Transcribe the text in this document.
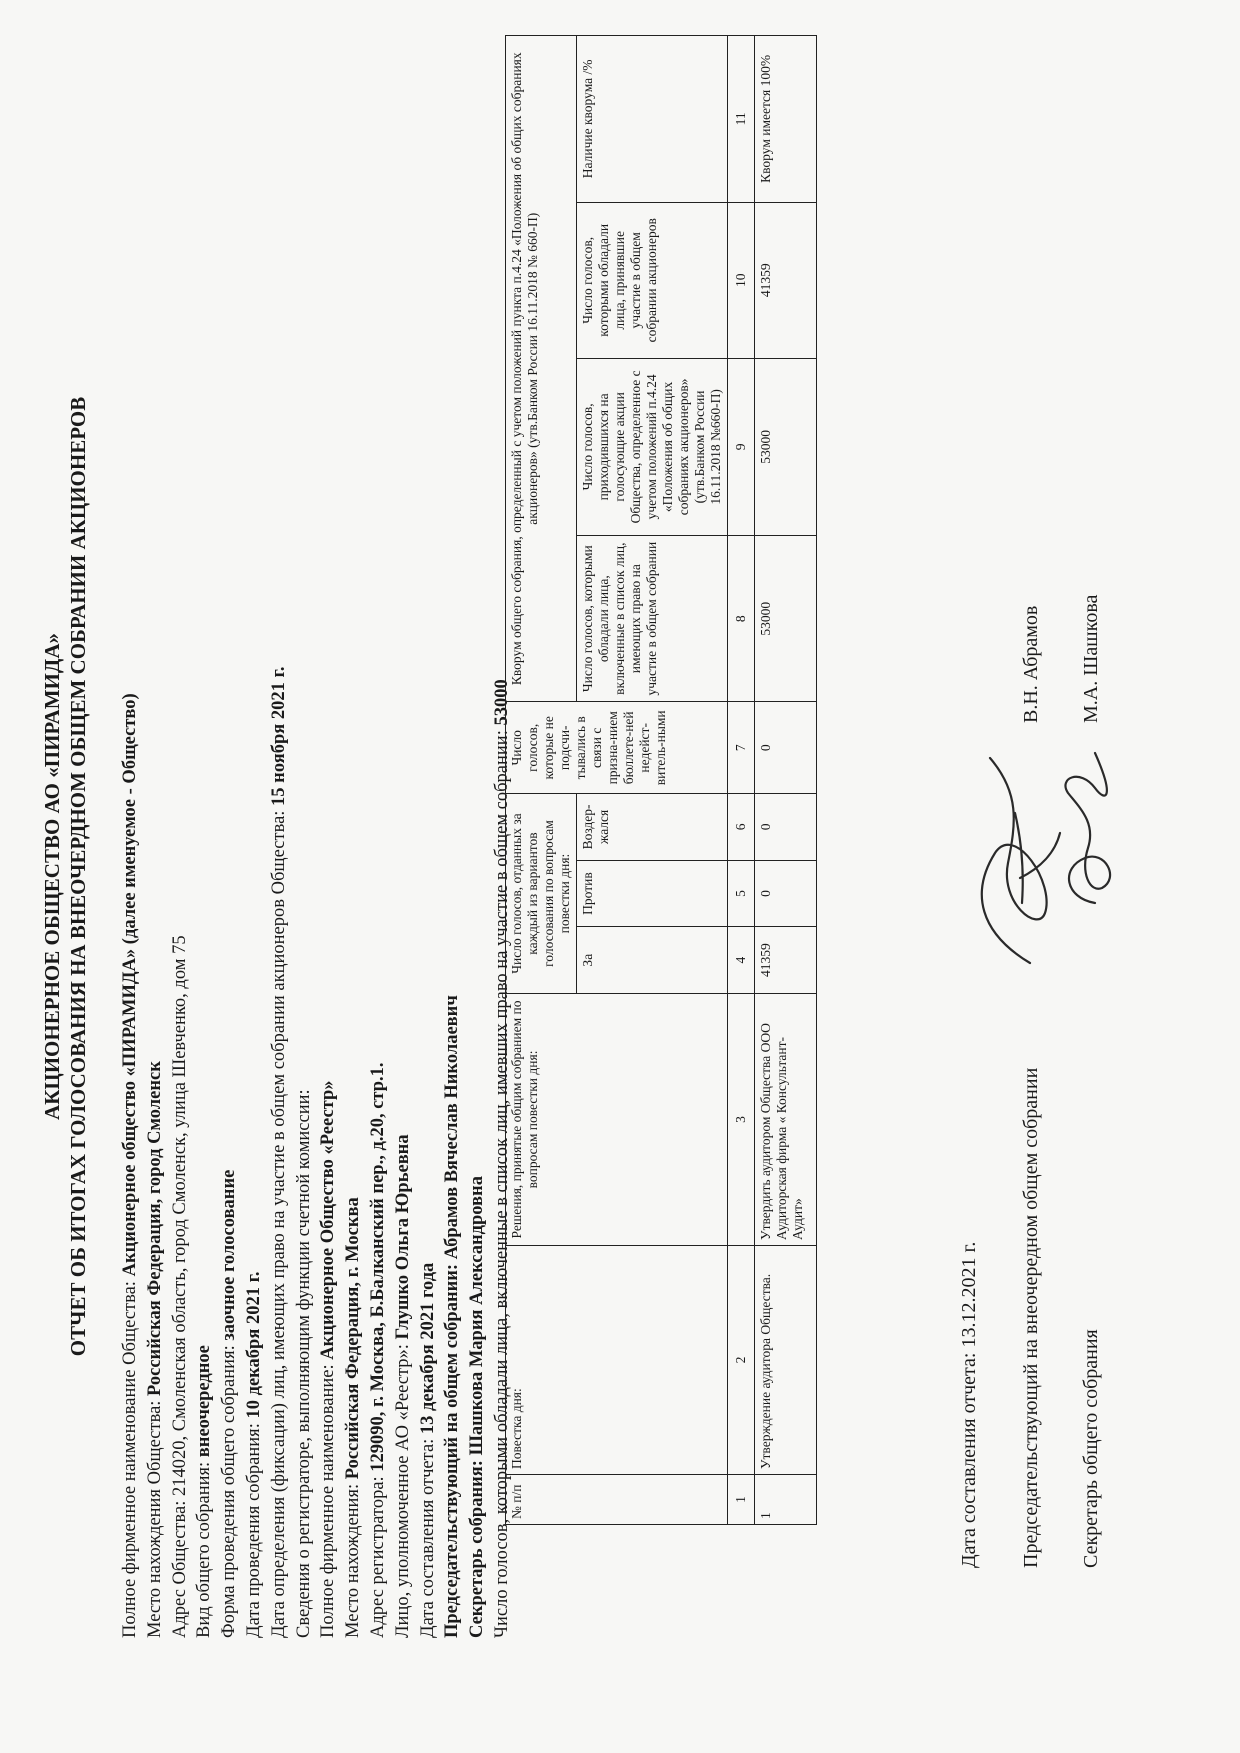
АКЦИОНЕРНОЕ ОБЩЕСТВО АО «ПИРАМИДА» ОТЧЕТ ОБ ИТОГАХ ГОЛОСОВАНИЯ НА ВНЕОЧЕРДНОМ ОБЩЕМ СОБРАНИИ АКЦИОНЕРОВ
Полное фирменное наименование Общества: Акционерное общество «ПИРАМИДА» (далее именуемое - Общество)
Место нахождения Общества: Российская Федерация, город Смоленск Адрес Общества: 214020, Смоленская область, город Смоленск, улица Шевченко, дом 75 Вид общего собрания: внеочередное Форма проведения общего собрания: заочное голосование
Дата проведения собрания: 10 декабря 2021 г. Дата определения (фиксации) лиц, имеющих право на участие в общем собрании акционеров Общества: 15 ноября 2021 г.
Сведения о регистраторе, выполняющим функции счетной комиссии: Полное фирменное наименование: Акционерное Общество «Реестр»
Место нахождения: Российская Федерация, г. Москва
Адрес регистратора: 129090, г. Москва, Б.Балканский пер., д.20, стр.1.
Лицо, уполномоченное АО «Реестр»: Глушко Ольга Юрьевна
Дата составления отчета: 13 декабря 2021 года Председательствующий на общем собрании: Абрамов Вячеслав Николаевич Секретарь собрания: Шашкова Мария Александровна Число голосов, которыми обладали лица, включенные в список лиц, имевших право на участие в общем собрании: 53000
№ п/п	Повестка дня:	Решения, принятые общим собранием по вопросам повестки дня:	Число голосов, отданных за каждый из вариантов голосования по вопросам повестки дня:			Число голосов, которые не подсчи-тывались в связи с призна-нием бюллете-ней недейст-витель-ными	Кворум общего собрания, определенный с учетом положений пункта п.4.24 «Положения об общих собраниях акционеров» (утв.Банком России 16.11.2018 № 660-П)			
			За	Против	Воздер-жался		Число голосов, которыми обладали лица, включенные в список лиц, имеющих право на участие в общем собрании	Число голосов, приходившихся на голосующие акции Общества, определенное с учетом положений п.4.24 «Положения об общих собраниях акционеров» (утв.Банком России 16.11.2018 №660-П)	Число голосов, которыми обладали лица, принявшие участие в общем собрании акционеров	Наличие кворума /%
1	2	3	4	5	6	7	8	9	10	11
1	Утверждение аудитора Общества.	Утвердить аудитором Общества ООО Аудиторская фирма « Консультант-Аудит»	41359	0	0	0	53000	53000	41359	Кворум имеется 100%
Дата составления отчета: 13.12.2021 г. Председательствующий на внеочередном общем собрании
В.Н. Абрамов
Секретарь общего собрания
М.А. Шашкова
